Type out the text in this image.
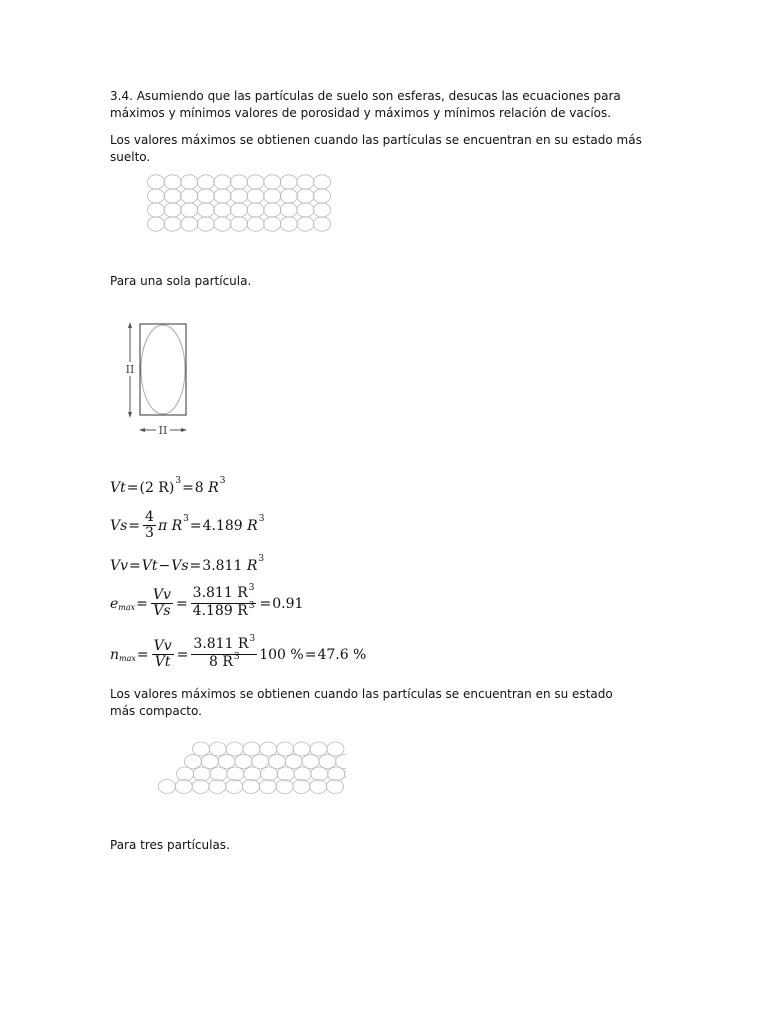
3.4. Asumiendo que las partículas de suelo son esferas, desucas las ecuaciones para máximos y mínimos valores de porosidad y máximos y mínimos relación de vacíos.

Los valores máximos se obtienen cuando las partículas se encuentran en su estado más suelto.

Para una sola partícula.

II
II
Vt = ( 2 R )$^3$ = 8
$R^3$
$Vs = \frac{4}{3}$ π
$R^3 = 4.189$
$R^3$
Vv = Vt − Vs = 3.811
$R^3$
$e_{max} = \frac{Vv}{Vs} = \frac{3.811 R^3}{4.189 R^3} = 0.91$
$n_{max} = \frac{Vv}{Vt} = \frac{3.811 R^3}{8 R^3} 100$ % = 47.6 %

Los valores máximos se obtienen cuando las partículas se encuentran en su estado más compacto.

Para tres partículas.
